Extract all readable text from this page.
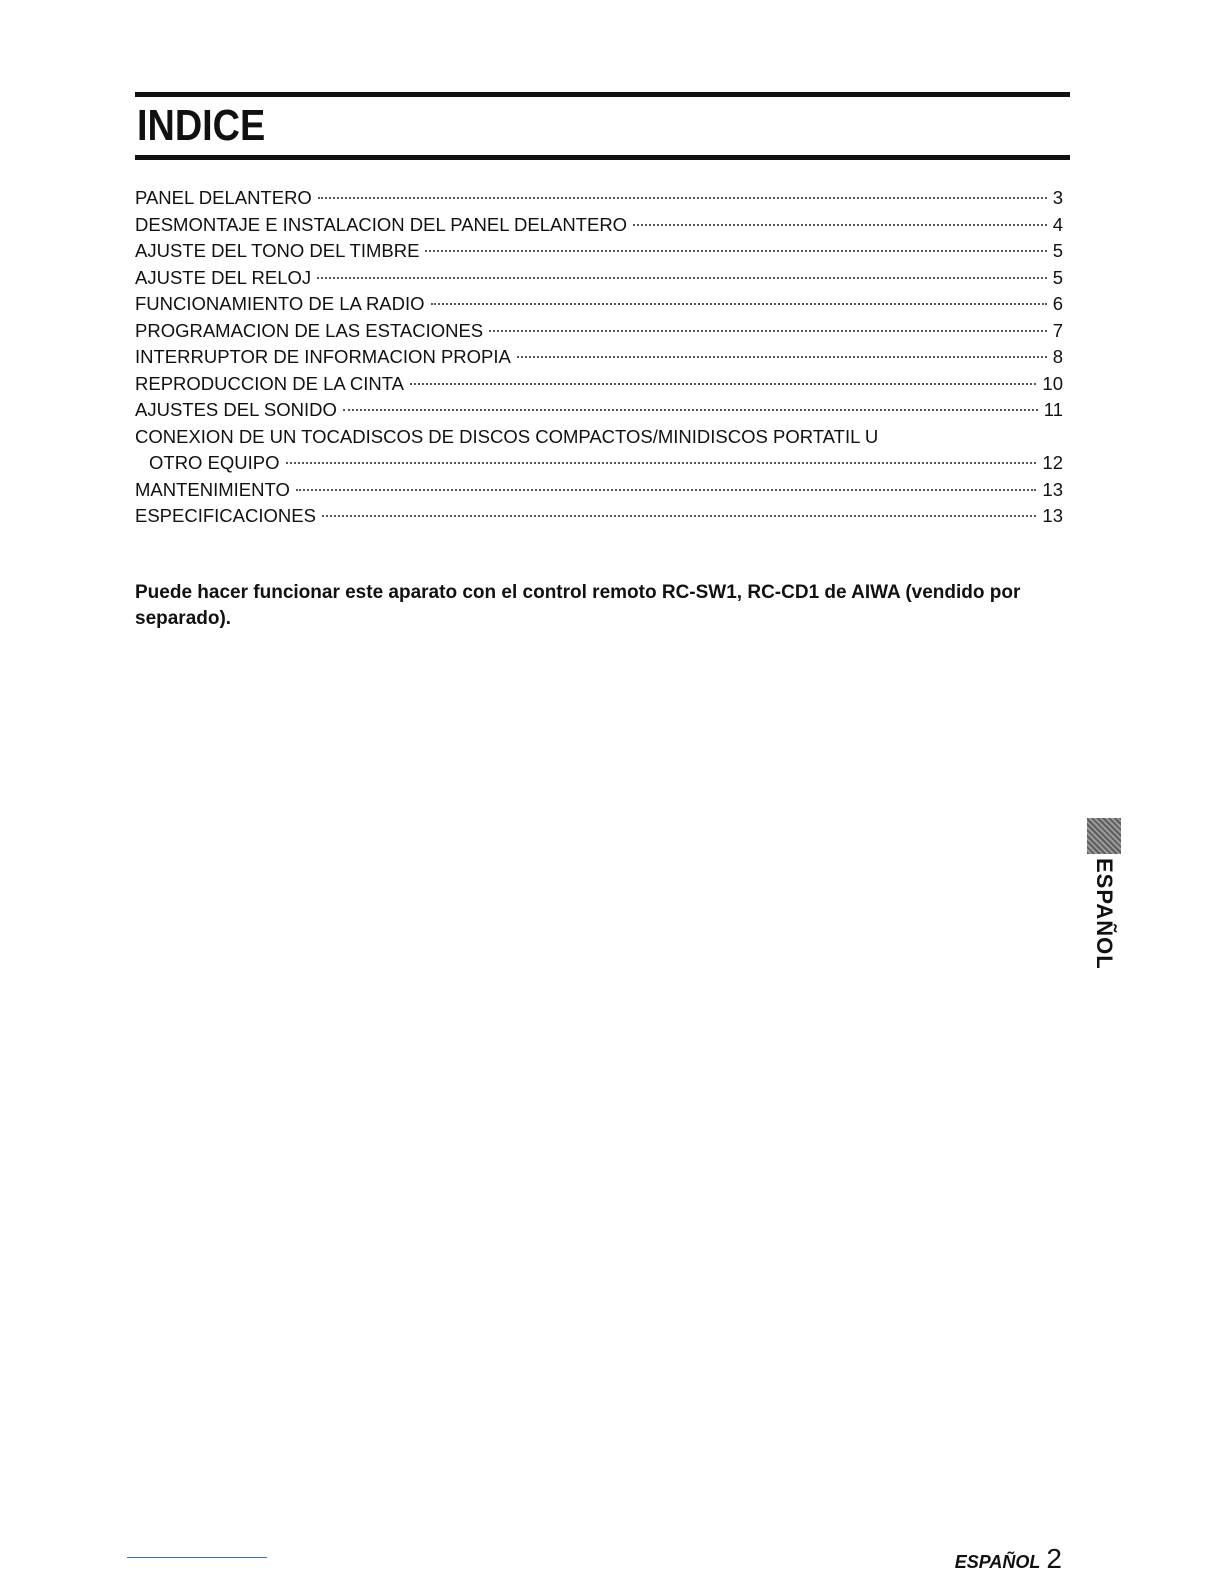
INDICE
PANEL DELANTERO	3
DESMONTAJE E INSTALACION DEL PANEL DELANTERO	4
AJUSTE DEL TONO DEL TIMBRE	5
AJUSTE DEL RELOJ	5
FUNCIONAMIENTO DE LA RADIO	6
PROGRAMACION DE LAS ESTACIONES	7
INTERRUPTOR DE INFORMACION PROPIA	8
REPRODUCCION DE LA CINTA	10
AJUSTES DEL SONIDO	11
CONEXION DE UN TOCADISCOS DE DISCOS COMPACTOS/MINIDISCOS PORTATIL U
OTRO EQUIPO	12
MANTENIMIENTO	13
ESPECIFICACIONES	13

Puede hacer funcionar este aparato con el control remoto RC-SW1, RC-CD1 de AIWA (vendido por separado).

ESPAÑOL
ESPAÑOL 2
